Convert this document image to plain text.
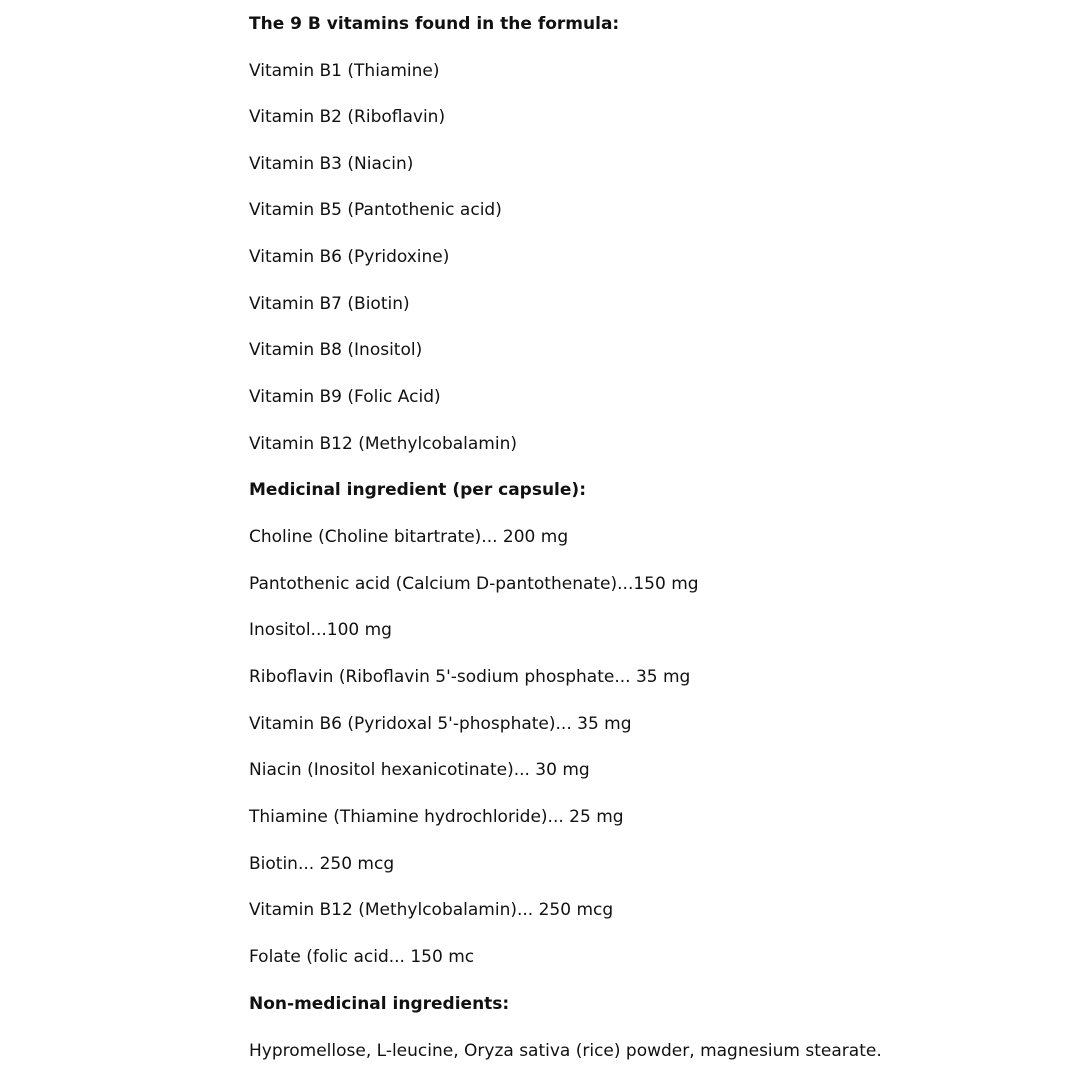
The 9 B vitamins found in the formula:

Vitamin B1 (Thiamine)

Vitamin B2 (Riboflavin)

Vitamin B3 (Niacin)

Vitamin B5 (Pantothenic acid)

Vitamin B6 (Pyridoxine)

Vitamin B7 (Biotin)

Vitamin B8 (Inositol)

Vitamin B9 (Folic Acid)

Vitamin B12 (Methylcobalamin)

Medicinal ingredient (per capsule):

Choline (Choline bitartrate)... 200 mg

Pantothenic acid (Calcium D-pantothenate)...150 mg

Inositol...100 mg

Riboflavin (Riboflavin 5'-sodium phosphate... 35 mg

Vitamin B6 (Pyridoxal 5'-phosphate)... 35 mg

Niacin (Inositol hexanicotinate)... 30 mg

Thiamine (Thiamine hydrochloride)... 25 mg

Biotin... 250 mcg

Vitamin B12 (Methylcobalamin)... 250 mcg

Folate (folic acid... 150 mc

Non-medicinal ingredients:

Hypromellose, L-leucine, Oryza sativa (rice) powder, magnesium stearate.
